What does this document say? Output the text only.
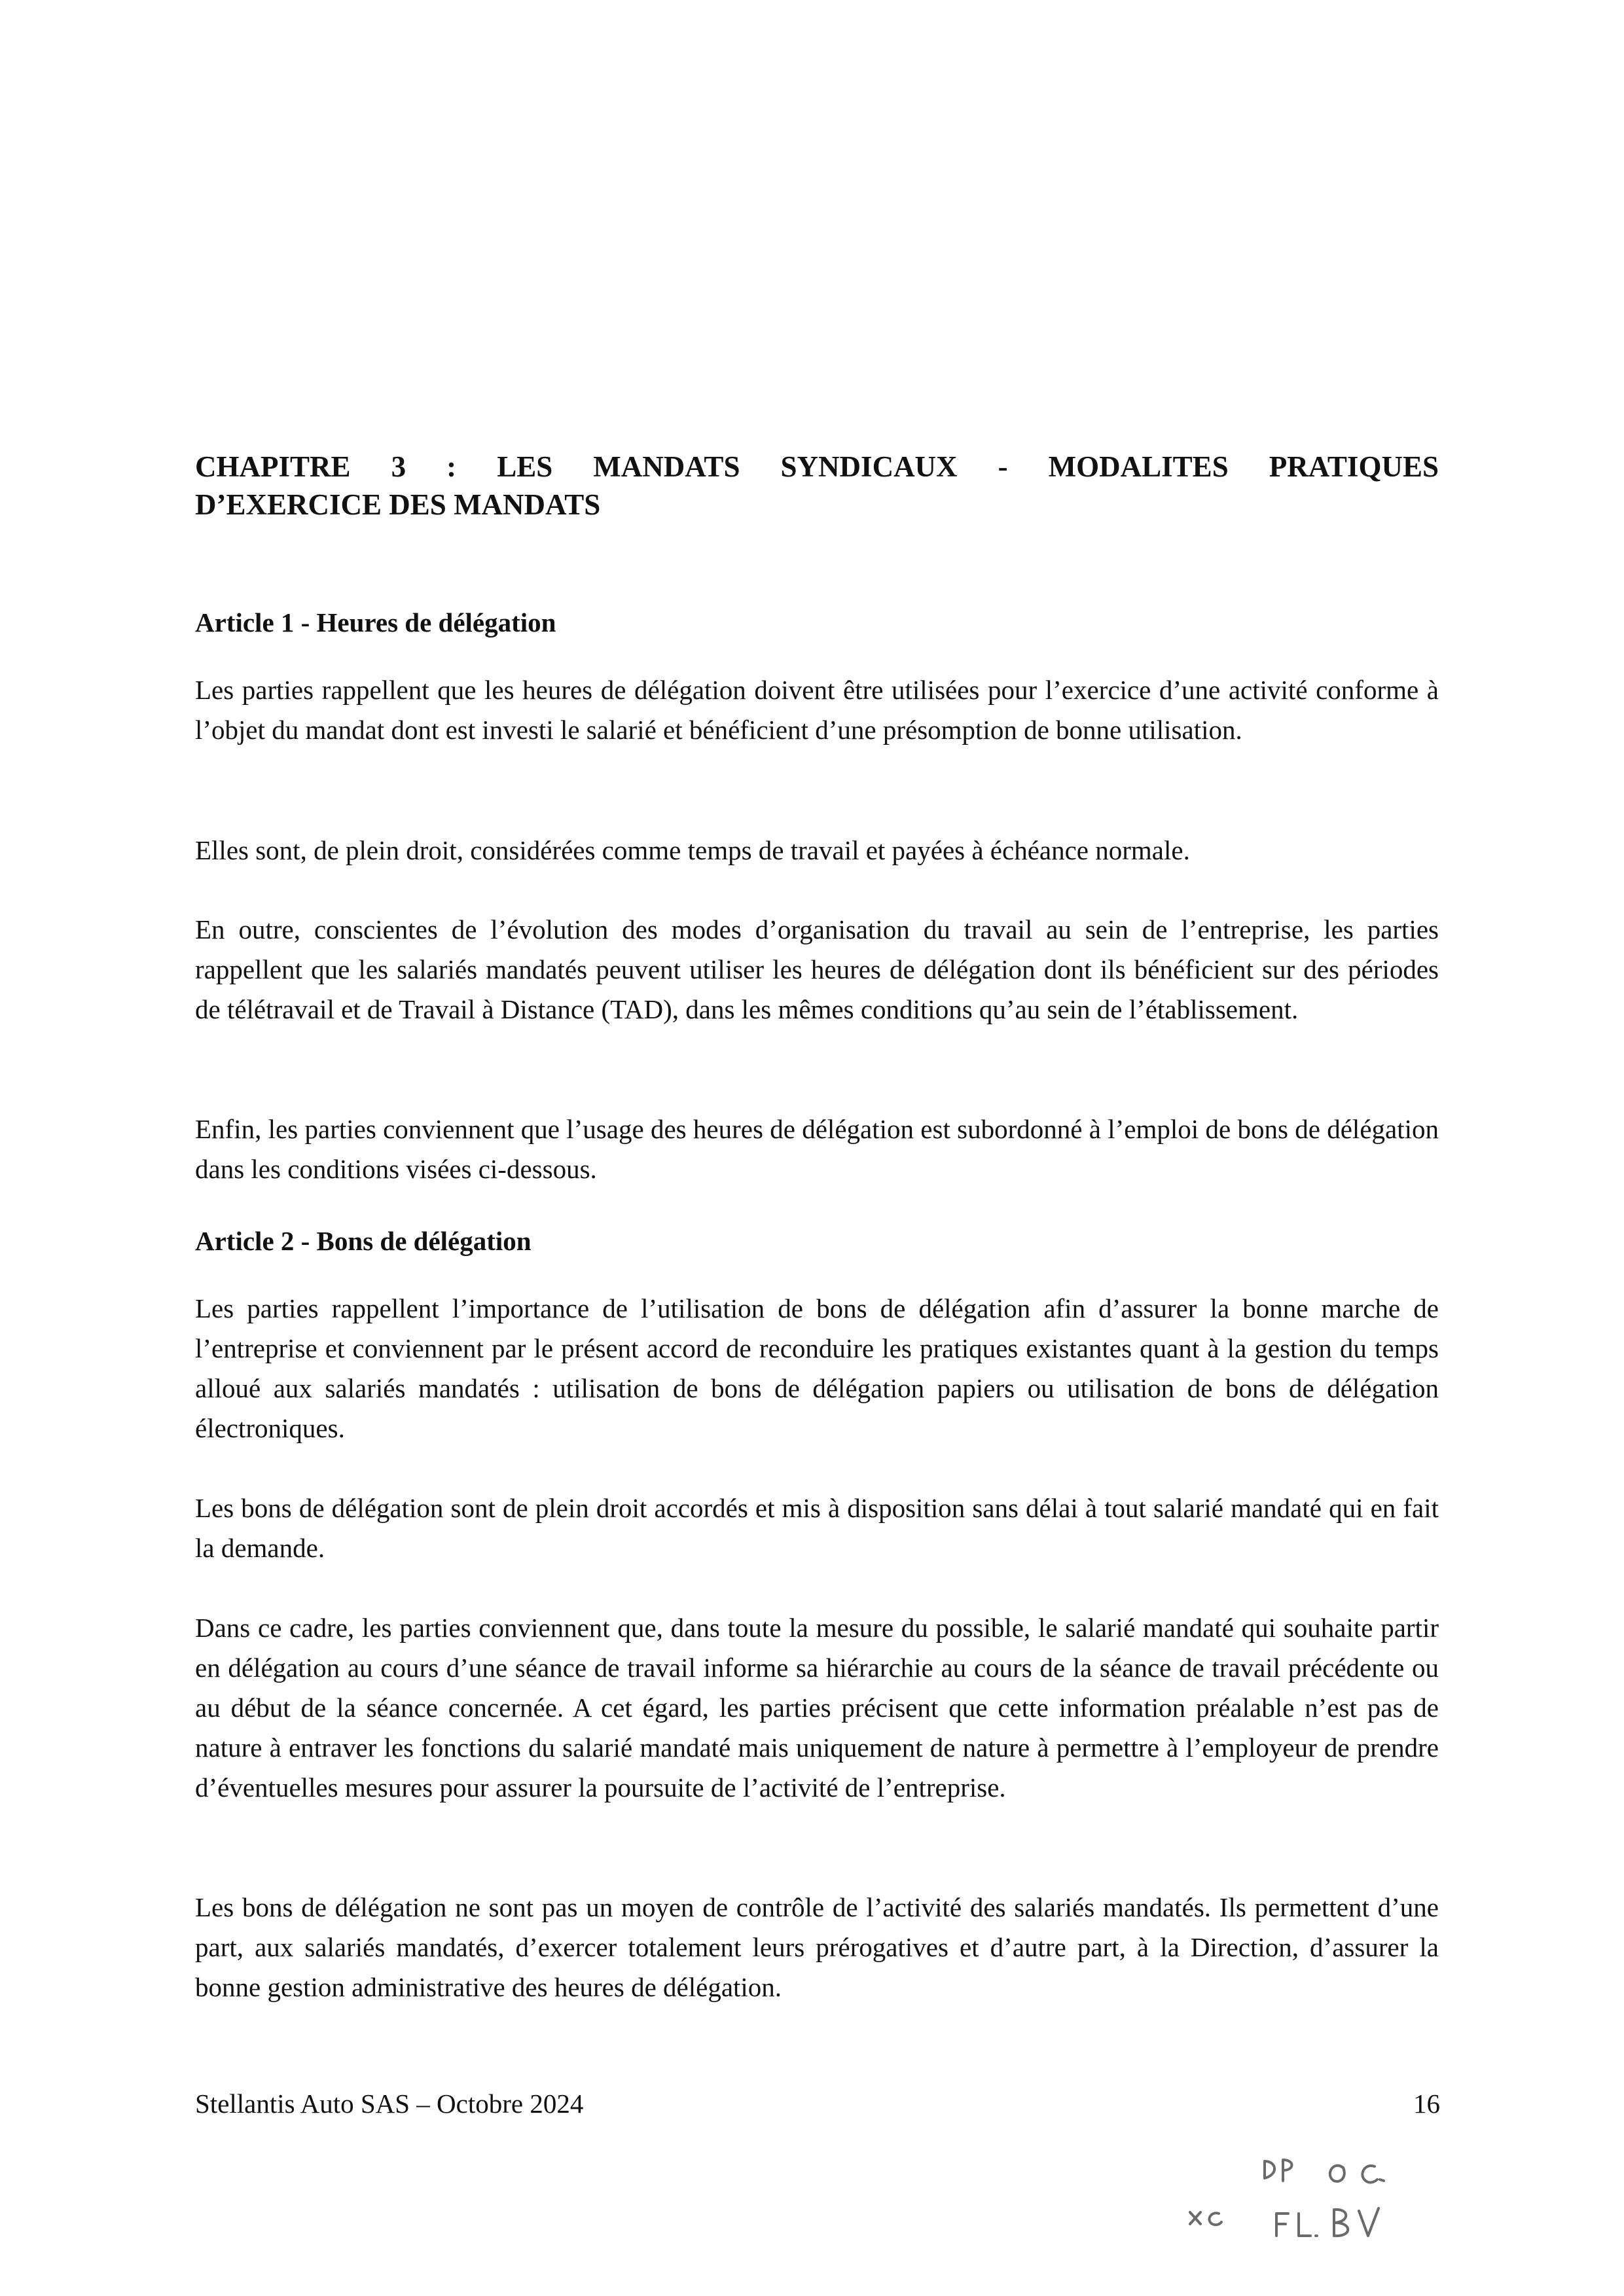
CHAPITRE 3 : LES MANDATS SYNDICAUX - MODALITES PRATIQUES
D’EXERCICE DES MANDATS
Article 1 - Heures de délégation

Les parties rappellent que les heures de délégation doivent être utilisées pour l’exercice d’une activité conforme à l’objet du mandat dont est investi le salarié et bénéficient d’une présomption de bonne utilisation.

Elles sont, de plein droit, considérées comme temps de travail et payées à échéance normale.

En outre, conscientes de l’évolution des modes d’organisation du travail au sein de l’entreprise, les parties rappellent que les salariés mandatés peuvent utiliser les heures de délégation dont ils bénéficient sur des périodes de télétravail et de Travail à Distance (TAD), dans les mêmes conditions qu’au sein de l’établissement.

Enfin, les parties conviennent que l’usage des heures de délégation est subordonné à l’emploi de bons de délégation dans les conditions visées ci-dessous.

Article 2 - Bons de délégation

Les parties rappellent l’importance de l’utilisation de bons de délégation afin d’assurer la bonne marche de l’entreprise et conviennent par le présent accord de reconduire les pratiques existantes quant à la gestion du temps alloué aux salariés mandatés : utilisation de bons de délégation papiers ou utilisation de bons de délégation électroniques.

Les bons de délégation sont de plein droit accordés et mis à disposition sans délai à tout salarié mandaté qui en fait la demande.

Dans ce cadre, les parties conviennent que, dans toute la mesure du possible, le salarié mandaté qui souhaite partir en délégation au cours d’une séance de travail informe sa hiérarchie au cours de la séance de travail précédente ou au début de la séance concernée. A cet égard, les parties précisent que cette information préalable n’est pas de nature à entraver les fonctions du salarié mandaté mais uniquement de nature à permettre à l’employeur de prendre d’éventuelles mesures pour assurer la poursuite de l’activité de l’entreprise.

Les bons de délégation ne sont pas un moyen de contrôle de l’activité des salariés mandatés. Ils permettent d’une part, aux salariés mandatés, d’exercer totalement leurs prérogatives et d’autre part, à la Direction, d’assurer la bonne gestion administrative des heures de délégation.

Stellantis Auto SAS – Octobre 2024	16
